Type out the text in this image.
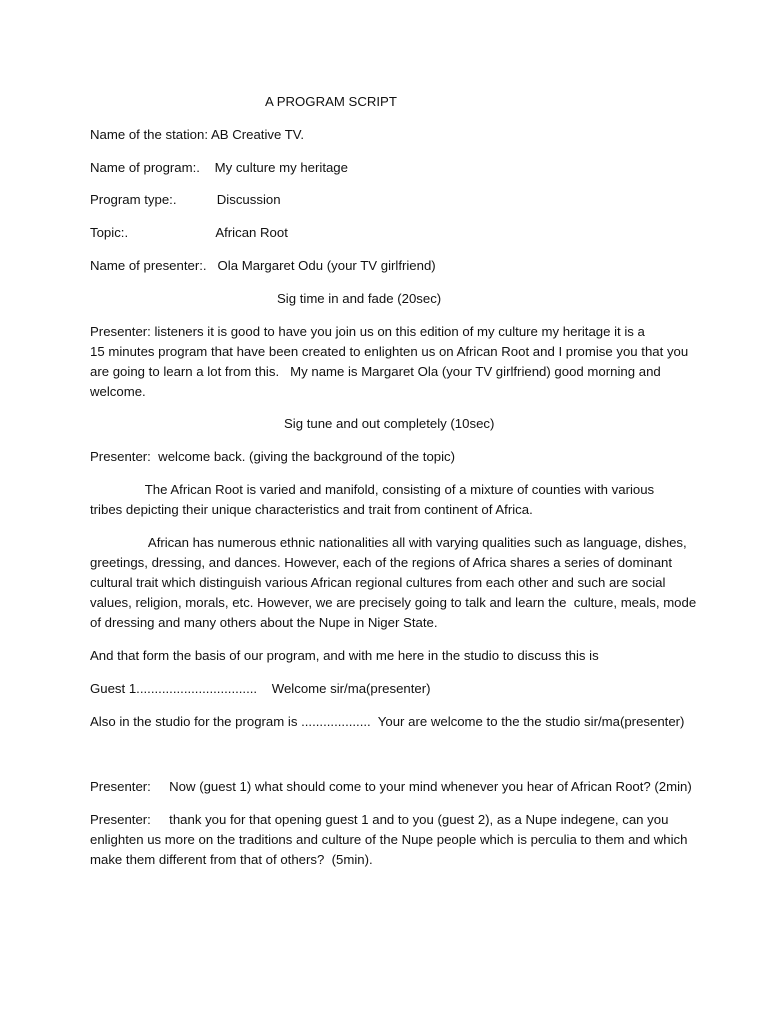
A PROGRAM SCRIPT

Name of the station: AB Creative TV.

Name of program:.    My culture my heritage

Program type:.           Discussion

Topic:.                        African Root

Name of presenter:.   Ola Margaret Odu (your TV girlfriend)

Sig time in and fade (20sec)

Presenter: listeners it is good to have you join us on this edition of my culture my heritage it is a

15 minutes program that have been created to enlighten us on African Root and I promise you that you

are going to learn a lot from this.   My name is Margaret Ola (your TV girlfriend) good morning and

welcome.

Sig tune and out completely (10sec)

Presenter:  welcome back. (giving the background of the topic)

The African Root is varied and manifold, consisting of a mixture of counties with various

tribes depicting their unique characteristics and trait from continent of Africa.

African has numerous ethnic nationalities all with varying qualities such as language, dishes,

greetings, dressing, and dances. However, each of the regions of Africa shares a series of dominant

cultural trait which distinguish various African regional cultures from each other and such are social

values, religion, morals, etc. However, we are precisely going to talk and learn the  culture, meals, mode

of dressing and many others about the Nupe in Niger State.

And that form the basis of our program, and with me here in the studio to discuss this is

Guest 1.................................    Welcome sir/ma(presenter)

Also in the studio for the program is ...................  Your are welcome to the the studio sir/ma(presenter)

Presenter:     Now (guest 1) what should come to your mind whenever you hear of African Root? (2min)

Presenter:     thank you for that opening guest 1 and to you (guest 2), as a Nupe indegene, can you

enlighten us more on the traditions and culture of the Nupe people which is perculia to them and which

make them different from that of others?  (5min).
